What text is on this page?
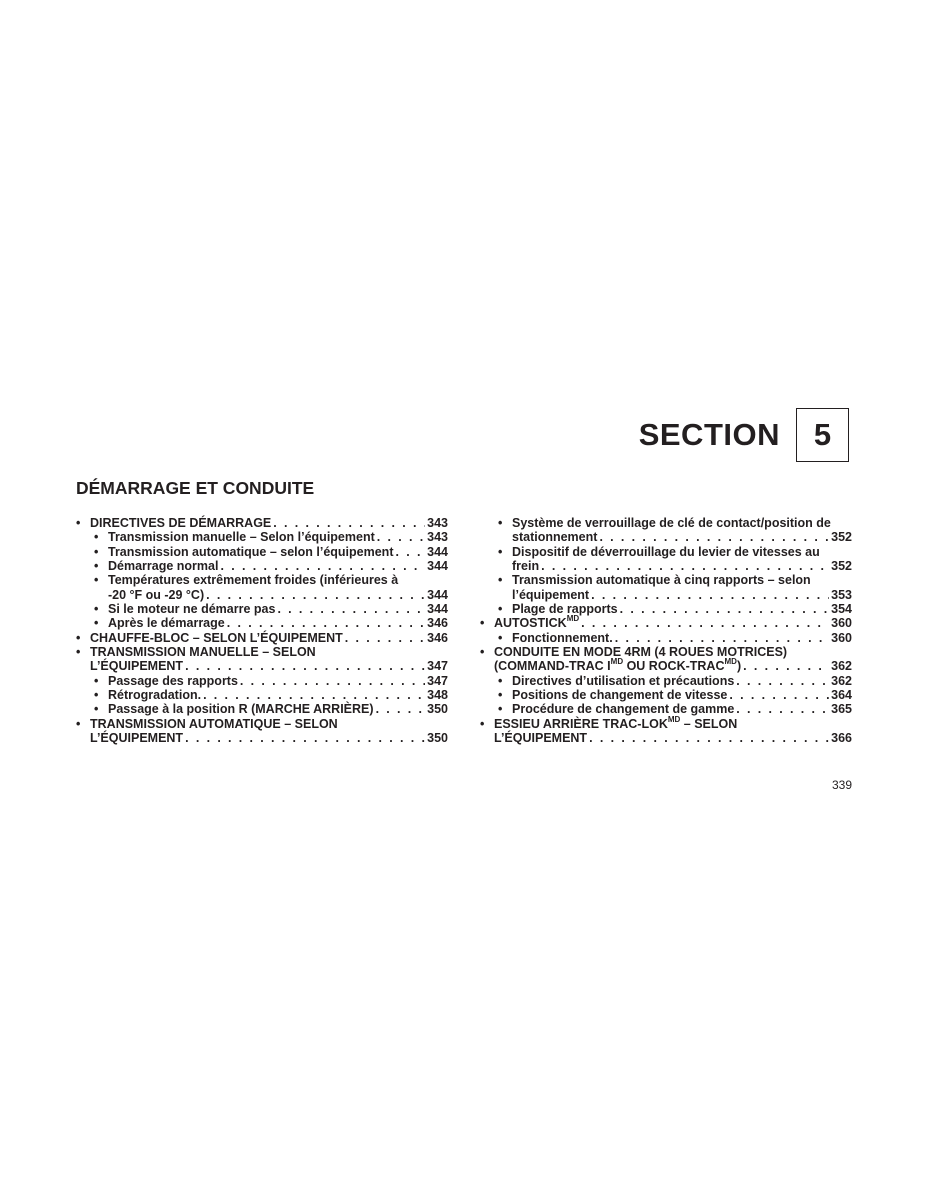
SECTION	5
DÉMARRAGE ET CONDUITE
• DIRECTIVES DE DÉMARRAGE . . .	343
• Transmission manuelle – Selon l’équipement . . .	343
• Transmission automatique – selon l’équipement . . .	344
• Démarrage normal . . .	344
• Températures extrêmement froides (inférieures à
-20 °F ou -29 °C) . . .	344
• Si le moteur ne démarre pas . . .	344
• Après le démarrage . . .	346
• CHAUFFE-BLOC – SELON L’ÉQUIPEMENT . . .	346
• TRANSMISSION MANUELLE – SELON
L’ÉQUIPEMENT . . .	347
• Passage des rapports . . .	347
• Rétrogradation. . . .	348
• Passage à la position R (MARCHE ARRIÈRE) . . .	350
• TRANSMISSION AUTOMATIQUE – SELON
L’ÉQUIPEMENT . . .	350
• Système de verrouillage de clé de contact/position de
stationnement . . .	352
• Dispositif de déverrouillage du levier de vitesses au
frein . . .	352
• Transmission automatique à cinq rapports – selon
l’équipement . . .	353
• Plage de rapports . . .	354
• $AUTOSTICK^{MD}$ . . .	360
• Fonctionnement. . . .	360
• CONDUITE EN MODE 4RM (4 ROUES MOTRICES)
(COMMAND-TRAC $I^{MD}$ OU ROCK-$TRAC^{MD}$) . . .	362
• Directives d’utilisation et précautions . . .	362
• Positions de changement de vitesse . . .	364
• Procédure de changement de gamme . . .	365
• ESSIEU ARRIÈRE TRAC-$LOK^{MD}$ – SELON
L’ÉQUIPEMENT . . .	366
339
